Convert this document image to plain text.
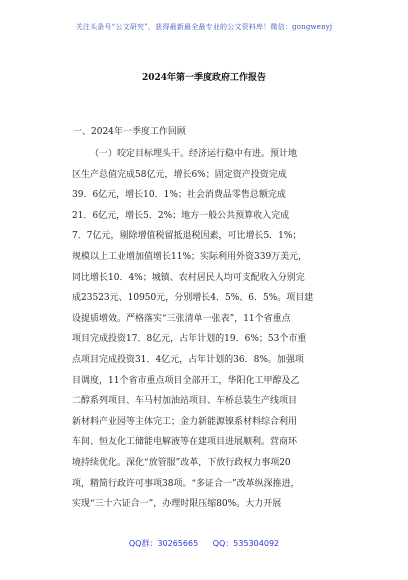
关注头条号“公文研究”，获得最新最全最专业的公文资料库！微信：gongwenyj
2024年第一季度政府工作报告
一、2024年一季度工作回顾
（一）咬定目标埋头干。经济运行稳中有进。预计地
区生产总值完成58亿元，增长6%；固定资产投资完成
39．6亿元，增长10．1%；社会消费品零售总额完成
21．6亿元，增长5．2%；地方一般公共预算收入完成
7．7亿元，剔除增值税留抵退税因素，可比增长5．1%；
规模以上工业增加值增长11%；实际利用外资339万美元，
同比增长10．4%；城镇、农村居民人均可支配收入分别完
成23523元、10950元，分别增长4．5%、6．5%。项目建
设提质增效。严格落实“三张清单一张表”，11个省重点
项目完成投资17．8亿元，占年计划的19．6%；53个市重
点项目完成投资31．4亿元，占年计划的36．8%。加强项
目调度，11个省市重点项目全部开工，华阳化工甲醇及乙
二醇系列项目、车马村加油站项目、车桥总装生产线项目
新材料产业园等主体完工；金力新能源镍系材料综合利用
车间、恒友化工储能电解液等在建项目进展顺利。营商环
境持续优化。深化“放管服”改革，下放行政权力事项20
项，精简行政许可事项38项。“多证合一”改革纵深推进，
实现“三十六证合一”，办理时限压缩80%。大力开展
QQ群：30265665 QQ：535304092
